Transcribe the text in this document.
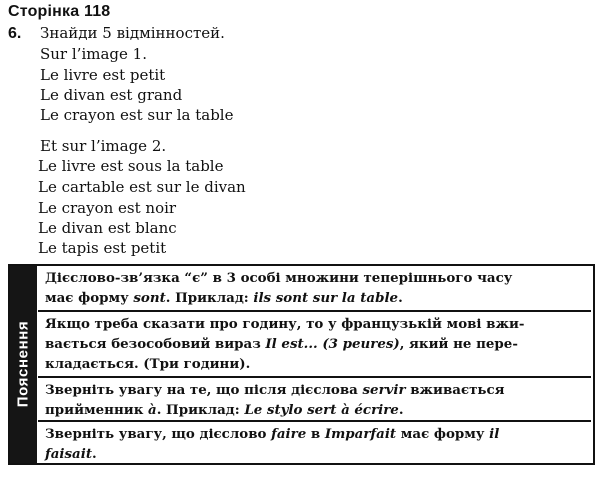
Сторінка 118
6. Знайди 5 відмінностей.
Sur l’image 1.
Le livre est petit
Le divan est grand
Le crayon est sur la table
Et sur l’image 2.
Le livre est sous la table
Le cartable est sur le divan
Le crayon est noir
Le divan est blanc
Le tapis est petit
Пояснення

Дієслово-зв’язка “є” в 3 особі множини теперішнього часу

має форму sont. Приклад: ils sont sur la table.

Якщо треба сказати про годину, то у французькій мові вжи-

вається безособовий вираз Il est... (3 peures), який не пере-

кладається. (Три години).

Зверніть увагу на те, що після дієслова servir вживається

прийменник à. Приклад: Le stylo sert à écrire.

Зверніть увагу, що дієслово faire в Imparfait має форму il

faisait.
